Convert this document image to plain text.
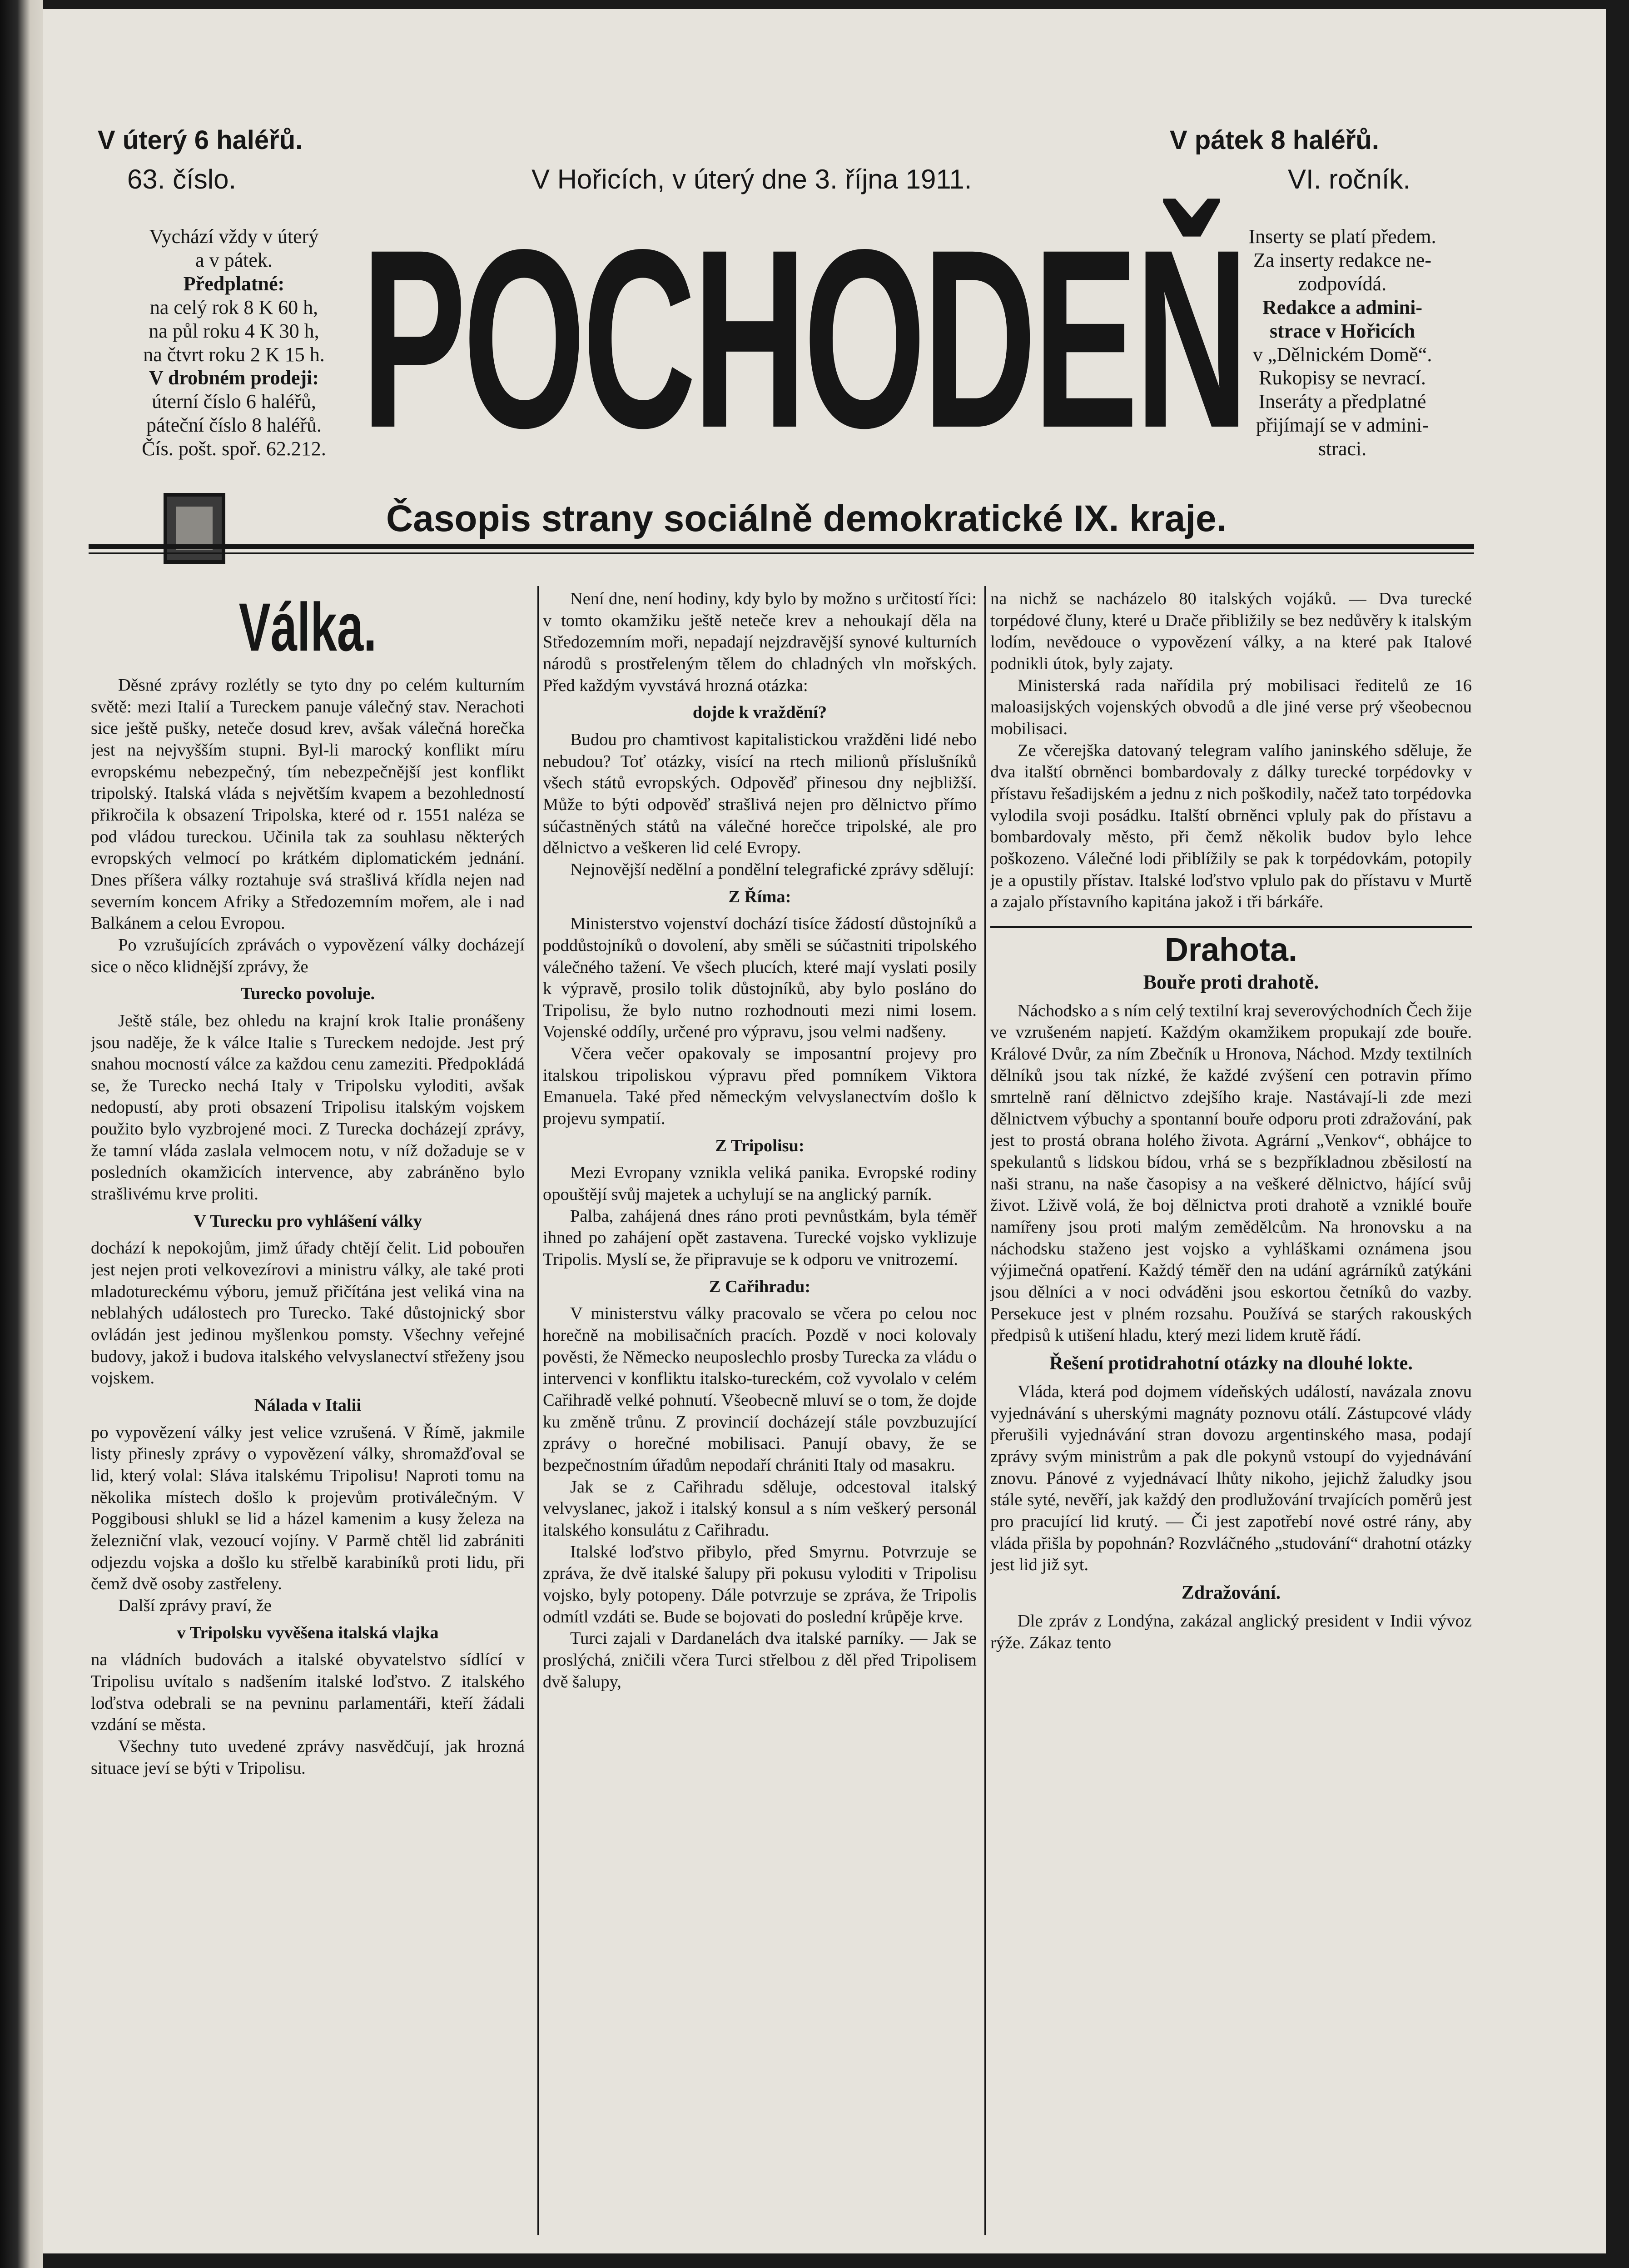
V úterý 6 haléřů.	V pátek 8 haléřů.
63. číslo.	V Hořicích, v úterý dne 3. října 1911.	VI. ročník.

Vychází vždy v úterý

a v pátek.

Předplatné:

na celý rok 8 K 60 h,

na půl roku 4 K 30 h,

na čtvrt roku 2 K 15 h.

V drobném prodeji:

úterní číslo 6 haléřů,

páteční číslo 8 haléřů.

Čís. pošt. spoř. 62.212. POCHODEŇ
Časopis strany sociálně demokratické IX. kraje.

Inserty se platí předem.

Za inserty redakce ne-

zodpovídá.

Redakce a admini-

strace v Hořicích

v „Dělnickém Domě“.

Rukopisy se nevrací.

Inseráty a předplatné

přijímají se v admini-

straci.

Válka.

Děsné zprávy rozlétly se tyto dny po celém kulturním světě: mezi Italií a Tureckem panuje válečný stav. Nerachoti sice ještě pušky, neteče dosud krev, avšak válečná horečka jest na nejvyšším stupni. Byl-li marocký konflikt míru evropskému nebezpečný, tím nebezpečnější jest konflikt tripolský. Italská vláda s největším kvapem a bezohledností přikročila k obsazení Tripolska, které od r. 1551 naléza se pod vládou tureckou. Učinila tak za souhlasu některých evropských velmocí po krátkém diplomatickém jednání. Dnes příšera války roztahuje svá strašlivá křídla nejen nad severním koncem Afriky a Středozemním mořem, ale i nad Balkánem a celou Evropou.

Po vzrušujících zprávách o vypovězení války docházejí sice o něco klidnější zprávy, že

Turecko povoluje.

Ještě stále, bez ohledu na krajní krok Italie pronášeny jsou naděje, že k válce Italie s Tureckem nedojde. Jest prý snahou mocností válce za každou cenu zameziti. Předpokládá se, že Turecko nechá Italy v Tripolsku vyloditi, avšak nedopustí, aby proti obsazení Tripolisu italským vojskem použito bylo vyzbrojené moci. Z Turecka docházejí zprávy, že tamní vláda zaslala velmocem notu, v níž dožaduje se v posledních okamžicích intervence, aby zabráněno bylo strašlivému krve proliti.

V Turecku pro vyhlášení války

dochází k nepokojům, jimž úřady chtějí čelit. Lid pobouřen jest nejen proti velkovezírovi a ministru války, ale také proti mladotureckému výboru, jemuž přičítána jest veliká vina na neblahých událostech pro Turecko. Také důstojnický sbor ovládán jest jedinou myšlenkou pomsty. Všechny veřejné budovy, jakož i budova italského velvyslanectví střeženy jsou vojskem.

Nálada v Italii

po vypovězení války jest velice vzrušená. V Římě, jakmile listy přinesly zprávy o vypovězení války, shromažďoval se lid, který volal: Sláva italskému Tripolisu! Naproti tomu na několika místech došlo k projevům protiválečným. V Poggibousi shlukl se lid a házel kamenim a kusy železa na železniční vlak, vezoucí vojíny. V Parmě chtěl lid zabrániti odjezdu vojska a došlo ku střelbě karabiníků proti lidu, při čemž dvě osoby zastřeleny.

Další zprávy praví, že

v Tripolsku vyvěšena italská vlajka

na vládních budovách a italské obyvatelstvo sídlící v Tripolisu uvítalo s nadšením italské loďstvo. Z italského loďstva odebrali se na pevninu parlamentáři, kteří žádali vzdání se města.

Všechny tuto uvedené zprávy nasvědčují, jak hrozná situace jeví se býti v Tripolisu.

Není dne, není hodiny, kdy bylo by možno s určitostí říci: v tomto okamžiku ještě neteče krev a nehoukají děla na Středozemním moři, nepadají nejzdravější synové kulturních národů s prostřeleným tělem do chladných vln mořských. Před každým vyvstává hrozná otázka:

dojde k vraždění?

Budou pro chamtivost kapitalistickou vražděni lidé nebo nebudou? Toť otázky, visící na rtech milionů příslušníků všech států evropských. Odpověď přinesou dny nejbližší. Může to býti odpověď strašlivá nejen pro dělnictvo přímo súčastněných států na válečné horečce tripolské, ale pro dělnictvo a veškeren lid celé Evropy.

Nejnovější nedělní a pondělní telegrafické zprávy sdělují:

Z Říma:

Ministerstvo vojenství dochází tisíce žádostí důstojníků a poddůstojníků o dovolení, aby směli se súčastniti tripolského válečného tažení. Ve všech plucích, které mají vyslati posily k výpravě, prosilo tolik důstojníků, aby bylo posláno do Tripolisu, že bylo nutno rozhodnouti mezi nimi losem. Vojenské oddíly, určené pro výpravu, jsou velmi nadšeny.

Včera večer opakovaly se imposantní projevy pro italskou tripoliskou výpravu před pomníkem Viktora Emanuela. Také před německým velvyslanectvím došlo k projevu sympatií.

Z Tripolisu:

Mezi Evropany vznikla veliká panika. Evropské rodiny opouštějí svůj majetek a uchylují se na anglický parník.

Palba, zahájená dnes ráno proti pevnůstkám, byla téměř ihned po zahájení opět zastavena. Turecké vojsko vyklizuje Tripolis. Myslí se, že připravuje se k odporu ve vnitrozemí.

Z Cařihradu:

V ministerstvu války pracovalo se včera po celou noc horečně na mobilisačních pracích. Pozdě v noci kolovaly pověsti, že Německo neuposlechlo prosby Turecka za vládu o intervenci v konfliktu italsko-tureckém, což vyvolalo v celém Cařihradě velké pohnutí. Všeobecně mluví se o tom, že dojde ku změně trůnu. Z provincií docházejí stále povzbuzující zprávy o horečné mobilisaci. Panují obavy, že se bezpečnostním úřadům nepodaří chrániti Italy od masakru.

Jak se z Cařihradu sděluje, odcestoval italský velvyslanec, jakož i italský konsul a s ním veškerý personál italského konsulátu z Cařihradu.

Italské loďstvo přibylo, před Smyrnu. Potvrzuje se zpráva, že dvě italské šalupy při pokusu vyloditi v Tripolisu vojsko, byly potopeny. Dále potvrzuje se zpráva, že Tripolis odmítl vzdáti se. Bude se bojovati do poslední krůpěje krve.

Turci zajali v Dardanelách dva italské parníky. — Jak se proslýchá, zničili včera Turci střelbou z děl před Tripolisem dvě šalupy,

na nichž se nacházelo 80 italských vojáků. — Dva turecké torpédové čluny, které u Drače přibližily se bez nedůvěry k italským lodím, nevědouce o vypovězení války, a na které pak Italové podnikli útok, byly zajaty.

Ministerská rada nařídila prý mobilisaci ředitelů ze 16 maloasijských vojenských obvodů a dle jiné verse prý všeobecnou mobilisaci.

Ze včerejška datovaný telegram valího janinského sděluje, že dva italští obrněnci bombardovaly z dálky turecké torpédovky v přístavu řešadijském a jednu z nich poškodily, načež tato torpédovka vylodila svoji posádku. Italští obrněnci vpluly pak do přístavu a bombardovaly město, při čemž několik budov bylo lehce poškozeno. Válečné lodi přiblížily se pak k torpédovkám, potopily je a opustily přístav. Italské loďstvo vplulo pak do přístavu v Murtě a zajalo přístavního kapitána jakož i tři bárkáře.

Drahota.
Bouře proti drahotě.

Náchodsko a s ním celý textilní kraj severovýchodních Čech žije ve vzrušeném napjetí. Každým okamžikem propukají zde bouře. Králové Dvůr, za ním Zbečník u Hronova, Náchod. Mzdy textilních dělníků jsou tak nízké, že každé zvýšení cen potravin přímo smrtelně raní dělnictvo zdejšího kraje. Nastávají-li zde mezi dělnictvem výbuchy a spontanní bouře odporu proti zdražování, pak jest to prostá obrana holého života. Agrární „Venkov“, obhájce to spekulantů s lidskou bídou, vrhá se s bezpříkladnou zběsilostí na naši stranu, na naše časopisy a na veškeré dělnictvo, hájící svůj život. Lživě volá, že boj dělnictva proti drahotě a vzniklé bouře namířeny jsou proti malým zemědělcům. Na hronovsku a na náchodsku staženo jest vojsko a vyhláškami oznámena jsou výjimečná opatření. Každý téměř den na udání agrárníků zatýkáni jsou dělníci a v noci odváděni jsou eskortou četníků do vazby. Persekuce jest v plném rozsahu. Používá se starých rakouských předpisů k utišení hladu, který mezi lidem krutě řádí.

Řešení protidrahotní otázky na dlouhé lokte.

Vláda, která pod dojmem vídeňských událostí, navázala znovu vyjednávání s uherskými magnáty poznovu otálí. Zástupcové vlády přerušili vyjednávání stran dovozu argentinského masa, podají zprávy svým ministrům a pak dle pokynů vstoupí do vyjednávání znovu. Pánové z vyjednávací lhůty nikoho, jejichž žaludky jsou stále syté, nevěří, jak každý den prodlužování trvajících poměrů jest pro pracující lid krutý. — Či jest zapotřebí nové ostré rány, aby vláda přišla by popohnán? Rozvláčného „studování“ drahotní otázky jest lid již syt.

Zdražování.

Dle zpráv z Londýna, zakázal anglický president v Indii vývoz rýže. Zákaz tento
